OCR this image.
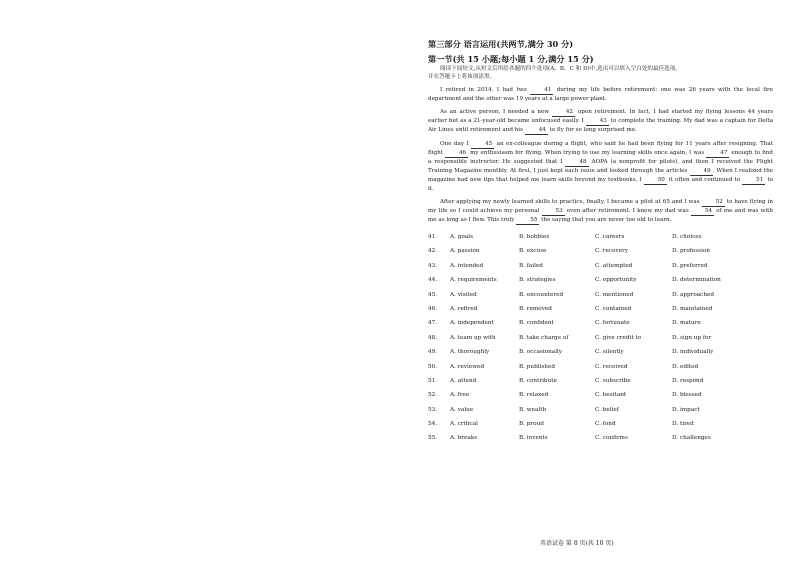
第三部分 语言运用(共两节,满分 30 分)

第一节(共 15 小题;每小题 1 分,满分 15 分)

阅读下面短文,从短文后所给各题的四个选项(A、B、C 和 D)中,选出可以填入空白处的最佳选项,
并在答题卡上将该项涂黑。

I retired in 2014. I had two	41 during my life before retirement: one was 26 years with the local fire department and the other was 19 years at a large power plant.

As an active person, I needed a new	42 upon retirement. In fact, I had started my flying lessons 44 years earlier but as a 21-year-old became unfocused easily. I	43 to complete the training. My dad was a captain for Delta Air Lines until retirement and his	44 to fly for so long surprised me.

One day I	45 an ex-colleague during a flight, who said he had been flying for 11 years after resigning. That flight	46 my enthusiasm for flying. When trying to use my learning skills once again, I was	47 enough to find a responsible instructor. He suggested that I	48 AOPA (a nonprofit for pilots), and then I received the Flight Training Magazine monthly. At first, I just kept each issue and looked through the articles	49 . When I realized the magazine had new tips that helped me learn skills beyond my textbooks, I	50 it often and continued to	51 to it.

After applying my newly learned skills to practice, finally, I became a pilot at 65 and I was	52 to have flying in my life so I could achieve my personal	53 even after retirement. I knew my dad was	54 of me and was with me as long as I flew. This truly	55 the saying that you are never too old to learn.

41. A. goals	B. hobbies	C. careers	D. choices
42. A. passion	B. excuse	C. recovery	D. profession
43. A. intended	B. failed	C. attempted	D. preferred
44. A. requirements	B. strategies	C. opportunity	D. determination
45. A. visited	B. encountered	C. mentioned	D. approached
46. A. refired	B. removed	C. contained	D. maintained
47. A. independent	B. confident	C. fortunate	D. mature
48. A. team up with	B. take charge of	C. give credit to	D. sign up for
49. A. thoroughly	B. occasionally	C. silently	D. individually
50. A. reviewed	B. published	C. received	D. edited
51. A. attend	B. contribute	C. subscribe	D. respond
52. A. free	B. relaxed	C. hesitant	D. blessed
53. A. value	B. wealth	C. belief	D. impact
54. A. critical	B. proud	C. fond	D. tired
55. A. breaks	B. invents	C. confirms	D. challenges
英语试卷 第 8 页(共 10 页)
